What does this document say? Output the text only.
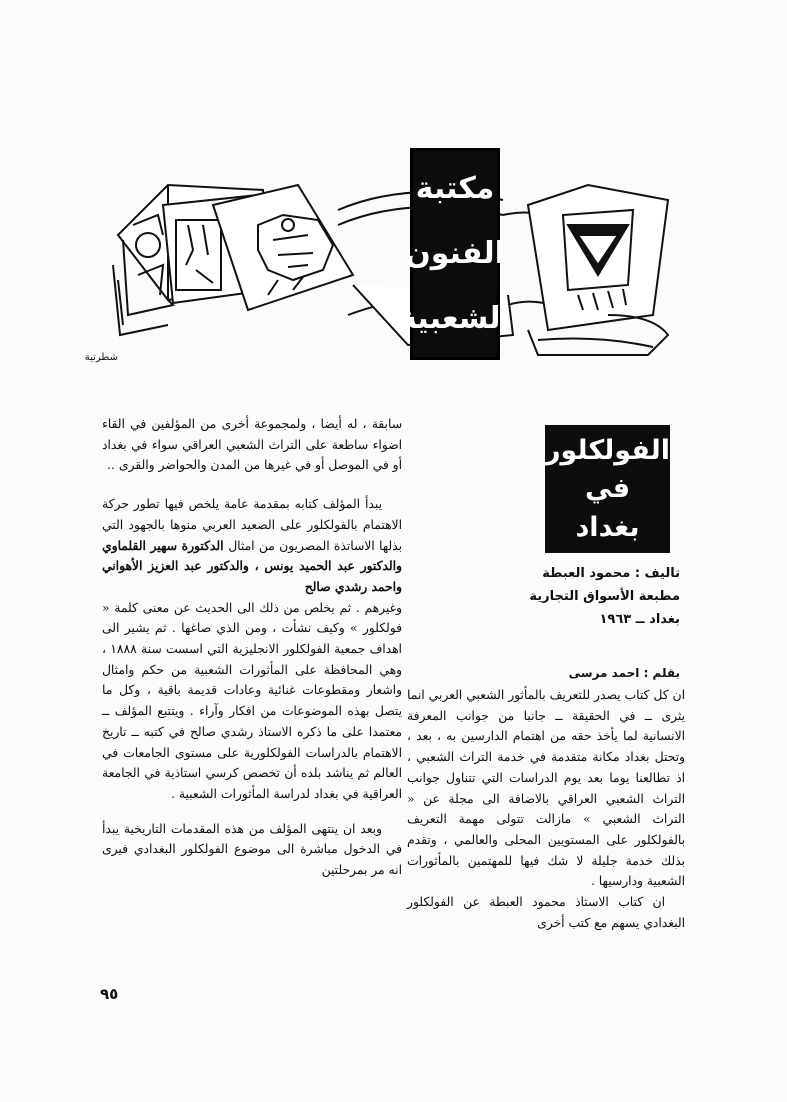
شطرتية
مكتبة
الفنون
الشعبية
الفولكلور
في
بغداد
تاليف : محمود العبطة
مطبعة الأسواق التجارية
بغداد ــ ١٩٦٣
بقلم : احمد مرسى

ان كل كتاب يصدر للتعريف بالمأثور الشعبي العربي انما يثرى ــ في الحقيقة ــ جانبا من جوانب المعرفة الانسانية لما يأخذ حقه من اهتمام الدارسين به ، بعد ، وتحتل بغداد مكانة متقدمة في خدمة التراث الشعبي ، اذ تطالعنا يوما بعد يوم الدراسات التي تتناول جوانب التراث الشعبي العراقي بالاضافة الى مجلة عن « التراث الشعبي » مازالت تتولى مهمة التعريف بالفولكلور على المستويين المحلى والعالمي ، وتقدم بذلك خدمة جليلة لا شك فيها للمهتمين بالمأثورات الشعبية ودارسيها .

ان كتاب الاستاذ محمود العبطة عن الفولكلور البغدادي يسهم مع كتب أخرى

سابقة ، له أيضا ، ولمجموعة أخرى من المؤلفين في القاء اضواء ساطعة على التراث الشعبي العراقي سواء في بغداد أو في الموصل أو في غيرها من المدن والحواضر والقرى ..

يبدأ المؤلف كتابه بمقدمة عامة يلخص فيها تطور حركة الاهتمام بالفولكلور على الصعيد العربي منوها بالجهود التي بذلها الاساتذة المصريون من امثال الدكتورة سهير القلماوي والدكتور عبد الحميد يونس ، والدكتور عبد العزيز الأهواني واحمد رشدي صالح

وغيرهم . ثم يخلص من ذلك الى الحديث عن معنى كلمة « فولكلور » وكيف نشأت ، ومن الذي صاغها . ثم يشير الى اهداف جمعية الفولكلور الانجليزية التي اسست سنة ١٨٨٨ ، وهي المحافظة على المأثورات الشعبية من حكم وامثال واشعار ومقطوعات غنائية وعادات قديمة باقية ، وكل ما يتصل بهذه الموضوعات من افكار وآراء . ويتتبع المؤلف ــ معتمدا على ما ذكره الاستاذ رشدي صالح في كتبه ــ تاريخ الاهتمام بالدراسات الفولكلورية على مستوى الجامعات في العالم ثم يناشد بلده أن تخصص كرسي استاذية في الجامعة العراقية في بغداد لدراسة المأثورات الشعبية .

وبعد ان ينتهى المؤلف من هذه المقدمات التاريخية يبدأ في الدخول مباشرة الى موضوع الفولكلور البغدادي فيرى انه مر بمرحلتين

٩٥
